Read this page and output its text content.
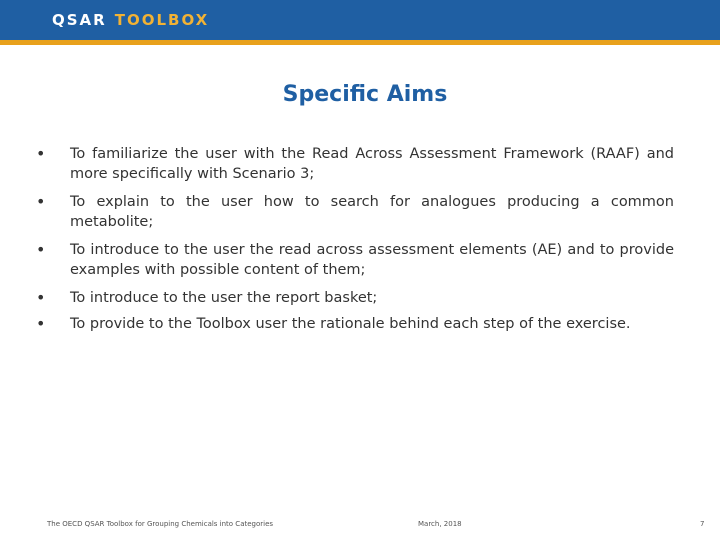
QSAR TOOLBOX
Specific Aims
• To familiarize the user with the Read Across Assessment Framework (RAAF) and more specifically with Scenario 3;
• To explain to the user how to search for analogues producing a common metabolite;
• To introduce to the user the read across assessment elements (AE) and to provide examples with possible content of them;
• To introduce to the user the report basket;
• To provide to the Toolbox user the rationale behind each step of the exercise.
The OECD QSAR Toolbox for Grouping Chemicals into Categories	March, 2018	7
